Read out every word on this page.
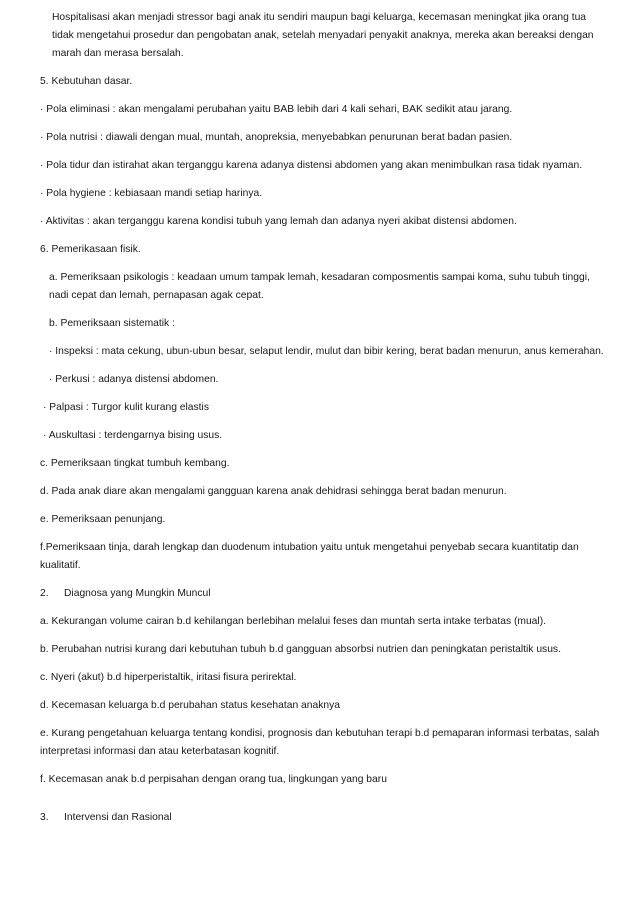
Hospitalisasi akan menjadi stressor bagi anak itu sendiri maupun bagi keluarga, kecemasan meningkat jika orang tua tidak mengetahui prosedur dan pengobatan anak, setelah menyadari penyakit anaknya, mereka akan bereaksi dengan marah dan merasa bersalah.

5. Kebutuhan dasar.

· Pola eliminasi : akan mengalami perubahan yaitu BAB lebih dari 4 kali sehari, BAK sedikit atau jarang.

· Pola nutrisi : diawali dengan mual, muntah, anopreksia, menyebabkan penurunan berat badan pasien.

· Pola tidur dan istirahat akan terganggu karena adanya distensi abdomen yang akan menimbulkan rasa tidak nyaman.

· Pola hygiene : kebiasaan mandi setiap harinya.

· Aktivitas : akan terganggu karena kondisi tubuh yang lemah dan adanya nyeri akibat distensi abdomen.

6. Pemerikasaan fisik.

a. Pemeriksaan psikologis : keadaan umum tampak lemah, kesadaran composmentis sampai koma, suhu tubuh tinggi, nadi cepat dan lemah, pernapasan agak cepat.

b. Pemeriksaan sistematik :

· Inspeksi : mata cekung, ubun-ubun besar, selaput lendir, mulut dan bibir kering, berat badan menurun, anus kemerahan.

· Perkusi : adanya distensi abdomen.

· Palpasi : Turgor kulit kurang elastis

· Auskultasi : terdengarnya bising usus.

c. Pemeriksaan tingkat tumbuh kembang.

d. Pada anak diare akan mengalami gangguan karena anak dehidrasi sehingga berat badan menurun.

e. Pemeriksaan penunjang.

f.Pemeriksaan tinja, darah lengkap dan duodenum intubation yaitu untuk mengetahui penyebab secara kuantitatip dan kualitatif.

2. Diagnosa yang Mungkin Muncul

a. Kekurangan volume cairan b.d kehilangan berlebihan melalui feses dan muntah serta intake terbatas (mual).

b. Perubahan nutrisi kurang dari kebutuhan tubuh b.d gangguan absorbsi nutrien dan peningkatan peristaltik usus.

c. Nyeri (akut) b.d hiperperistaltik, iritasi fisura perirektal.

d. Kecemasan keluarga b.d perubahan status kesehatan anaknya

e. Kurang pengetahuan keluarga tentang kondisi, prognosis dan kebutuhan terapi b.d pemaparan informasi terbatas, salah interpretasi informasi dan atau keterbatasan kognitif.

f. Kecemasan anak b.d perpisahan dengan orang tua, lingkungan yang baru

3. Intervensi dan Rasional
